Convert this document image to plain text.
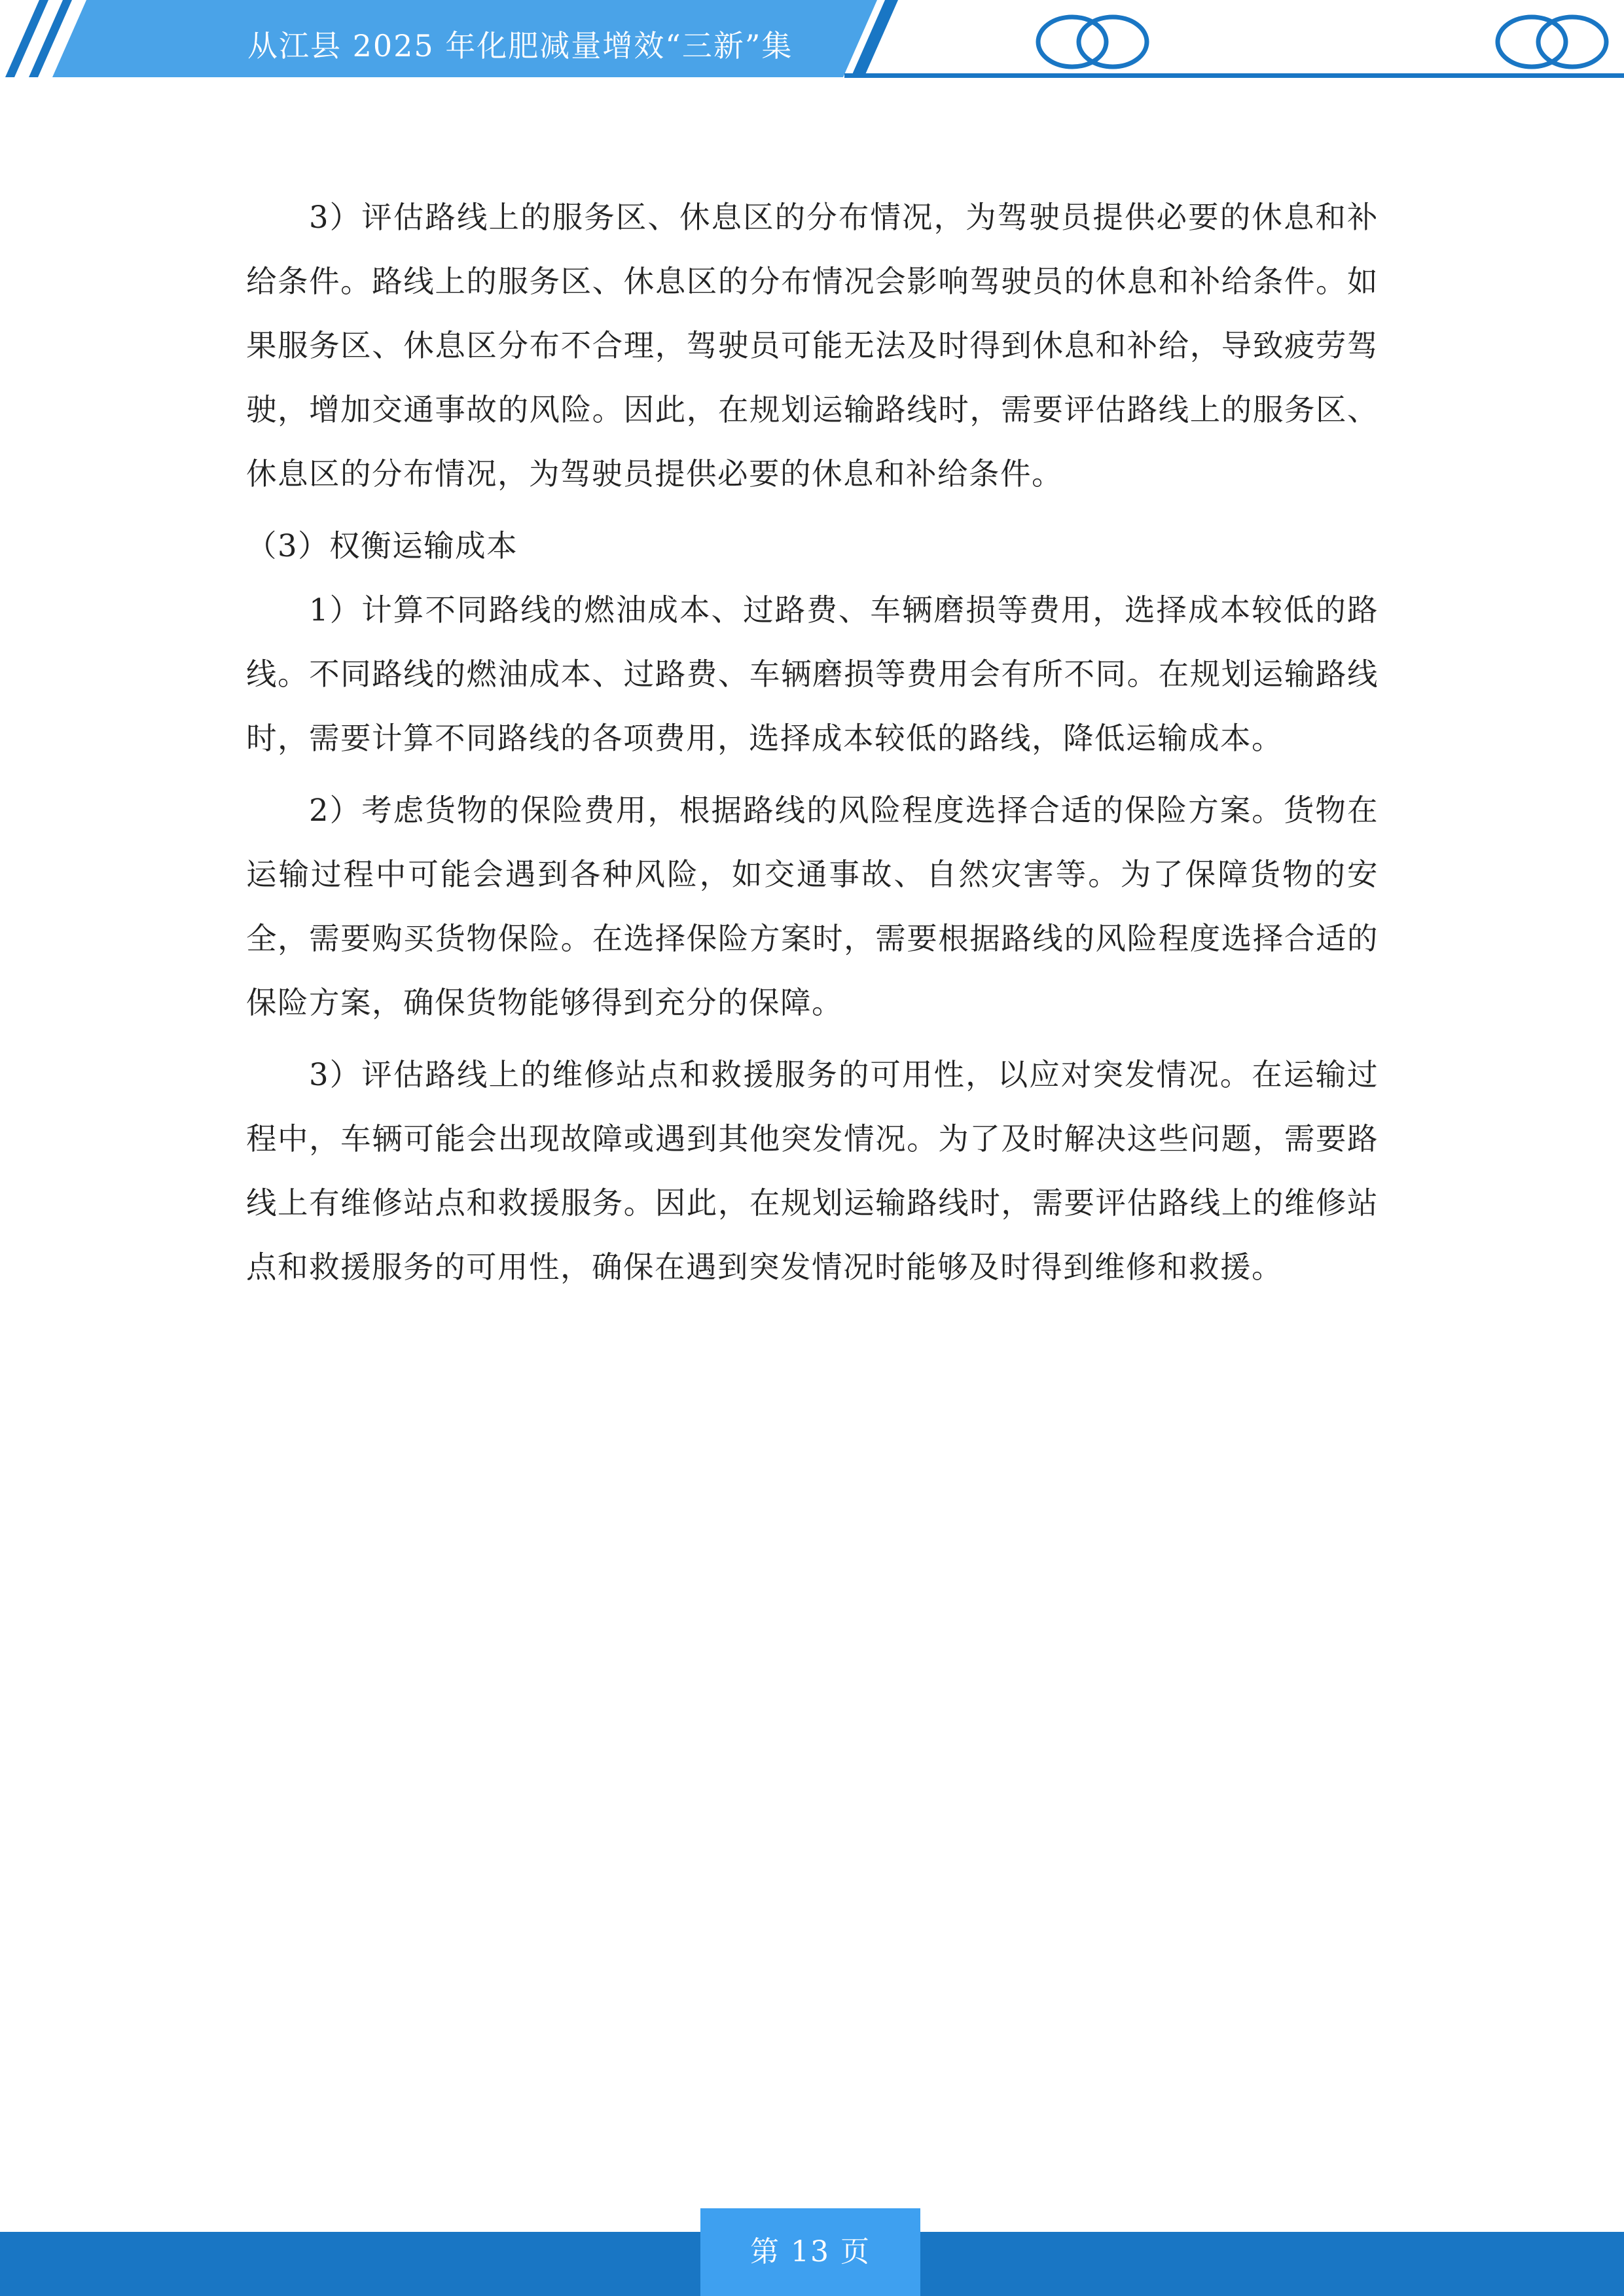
从江县 2025 年化肥减量增效“三新”集

3）评估路线上的服务区、休息区的分布情况，为驾驶员提供必要的休息和补给条件。路线上的服务区、休息区的分布情况会影响驾驶员的休息和补给条件。如果服务区、休息区分布不合理，驾驶员可能无法及时得到休息和补给，导致疲劳驾驶，增加交通事故的风险。因此，在规划运输路线时，需要评估路线上的服务区、休息区的分布情况，为驾驶员提供必要的休息和补给条件。

（3）权衡运输成本

1）计算不同路线的燃油成本、过路费、车辆磨损等费用，选择成本较低的路线。不同路线的燃油成本、过路费、车辆磨损等费用会有所不同。在规划运输路线时，需要计算不同路线的各项费用，选择成本较低的路线，降低运输成本。

2）考虑货物的保险费用，根据路线的风险程度选择合适的保险方案。货物在运输过程中可能会遇到各种风险，如交通事故、自然灾害等。为了保障货物的安全，需要购买货物保险。在选择保险方案时，需要根据路线的风险程度选择合适的保险方案，确保货物能够得到充分的保障。

3）评估路线上的维修站点和救援服务的可用性，以应对突发情况。在运输过程中，车辆可能会出现故障或遇到其他突发情况。为了及时解决这些问题，需要路线上有维修站点和救援服务。因此，在规划运输路线时，需要评估路线上的维修站点和救援服务的可用性，确保在遇到突发情况时能够及时得到维修和救援。

第 13 页
